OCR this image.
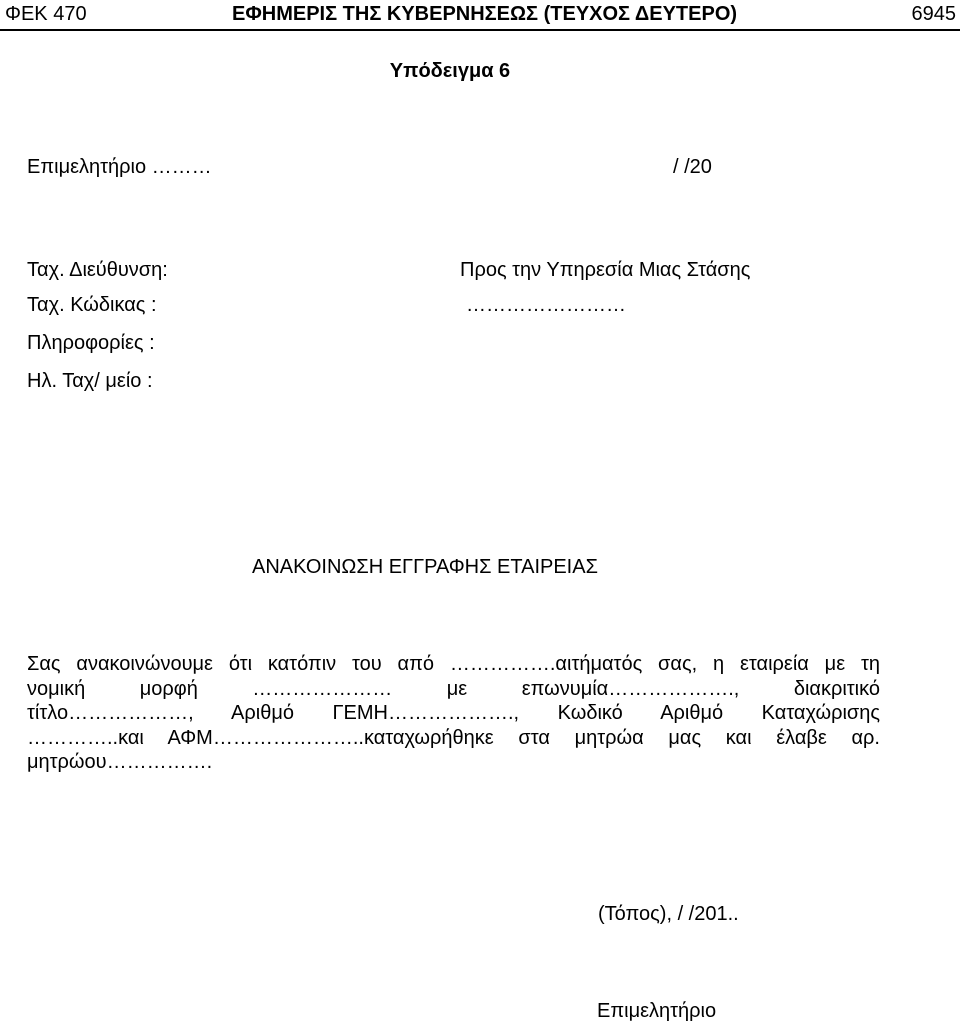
ΦΕΚ 470	ΕΦΗΜΕΡΙΣ ΤΗΣ ΚΥΒΕΡΝΗΣΕΩΣ (ΤΕΥΧΟΣ ΔΕΥΤΕΡΟ)	6945
Υπόδειγμα 6
Επιμελητήριο ………	/ /20
Ταχ. Διεύθυνση:
Ταχ. Κώδικας :
Πληροφορίες :
Ηλ. Ταχ/ μείο :
Προς την Υπηρεσία Μιας Στάσης
……………………
ΑΝΑΚΟΙΝΩΣΗ ΕΓΓΡΑΦΗΣ ΕΤΑΙΡΕΙΑΣ
Σας ανακοινώνουμε ότι κατόπιν του από …………….αιτήματός σας, η εταιρεία με τη
νομική μορφή ………………… με επωνυμία………………., διακριτικό
τίτλο………………, Αριθμό ΓΕΜΗ………………., Κωδικό Αριθμό Καταχώρισης
…………..και ΑΦΜ…………………..καταχωρήθηκε στα μητρώα μας και έλαβε αρ.
μητρώου…………….
(Τόπος), / /201..
Επιμελητήριο
